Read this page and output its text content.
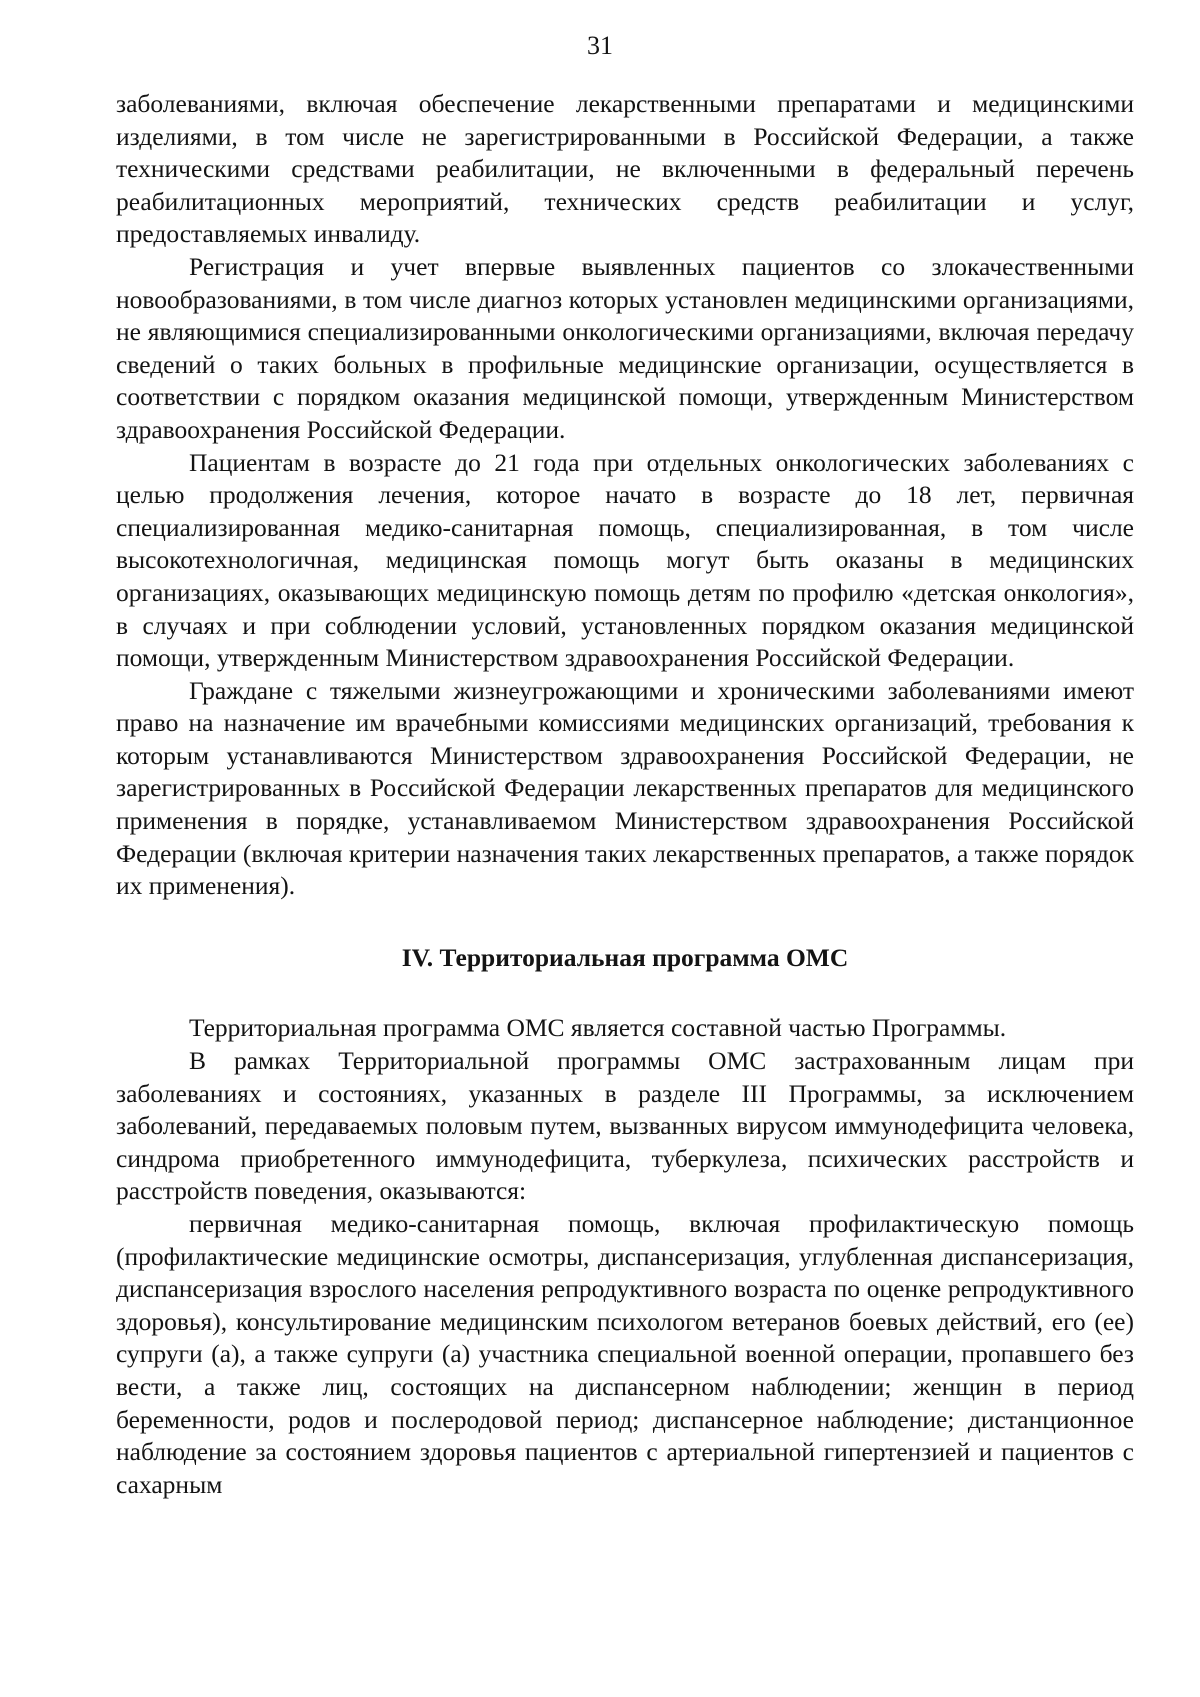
31

заболеваниями, включая обеспечение лекарственными препаратами и медицинскими изделиями, в том числе не зарегистрированными в Российской Федерации, а также техническими средствами реабилитации, не включенными в федеральный перечень реабилитационных мероприятий, технических средств реабилитации и услуг, предоставляемых инвалиду.

Регистрация и учет впервые выявленных пациентов со злокачественными новообразованиями, в том числе диагноз которых установлен медицинскими организациями, не являющимися специализированными онкологическими организациями, включая передачу сведений о таких больных в профильные медицинские организации, осуществляется в соответствии с порядком оказания медицинской помощи, утвержденным Министерством здравоохранения Российской Федерации.

Пациентам в возрасте до 21 года при отдельных онкологических заболеваниях с целью продолжения лечения, которое начато в возрасте до 18 лет, первичная специализированная медико-санитарная помощь, специализированная, в том числе высокотехнологичная, медицинская помощь могут быть оказаны в медицинских организациях, оказывающих медицинскую помощь детям по профилю «детская онкология», в случаях и при соблюдении условий, установленных порядком оказания медицинской помощи, утвержденным Министерством здравоохранения Российской Федерации.

Граждане с тяжелыми жизнеугрожающими и хроническими заболеваниями имеют право на назначение им врачебными комиссиями медицинских организаций, требования к которым устанавливаются Министерством здравоохранения Российской Федерации, не зарегистрированных в Российской Федерации лекарственных препаратов для медицинского применения в порядке, устанавливаемом Министерством здравоохранения Российской Федерации (включая критерии назначения таких лекарственных препаратов, а также порядок их применения).

IV. Территориальная программа ОМС

Территориальная программа ОМС является составной частью Программы.

В рамках Территориальной программы ОМС застрахованным лицам при заболеваниях и состояниях, указанных в разделе III Программы, за исключением заболеваний, передаваемых половым путем, вызванных вирусом иммунодефицита человека, синдрома приобретенного иммунодефицита, туберкулеза, психических расстройств и расстройств поведения, оказываются:

первичная медико-санитарная помощь, включая профилактическую помощь (профилактические медицинские осмотры, диспансеризация, углубленная диспансеризация, диспансеризация взрослого населения репродуктивного возраста по оценке репродуктивного здоровья), консультирование медицинским психологом ветеранов боевых действий, его (ее) супруги (а), а также супруги (а) участника специальной военной операции, пропавшего без вести, а также лиц, состоящих на диспансерном наблюдении; женщин в период беременности, родов и послеродовой период; диспансерное наблюдение; дистанционное наблюдение за состоянием здоровья пациентов с артериальной гипертензией и пациентов с сахарным
